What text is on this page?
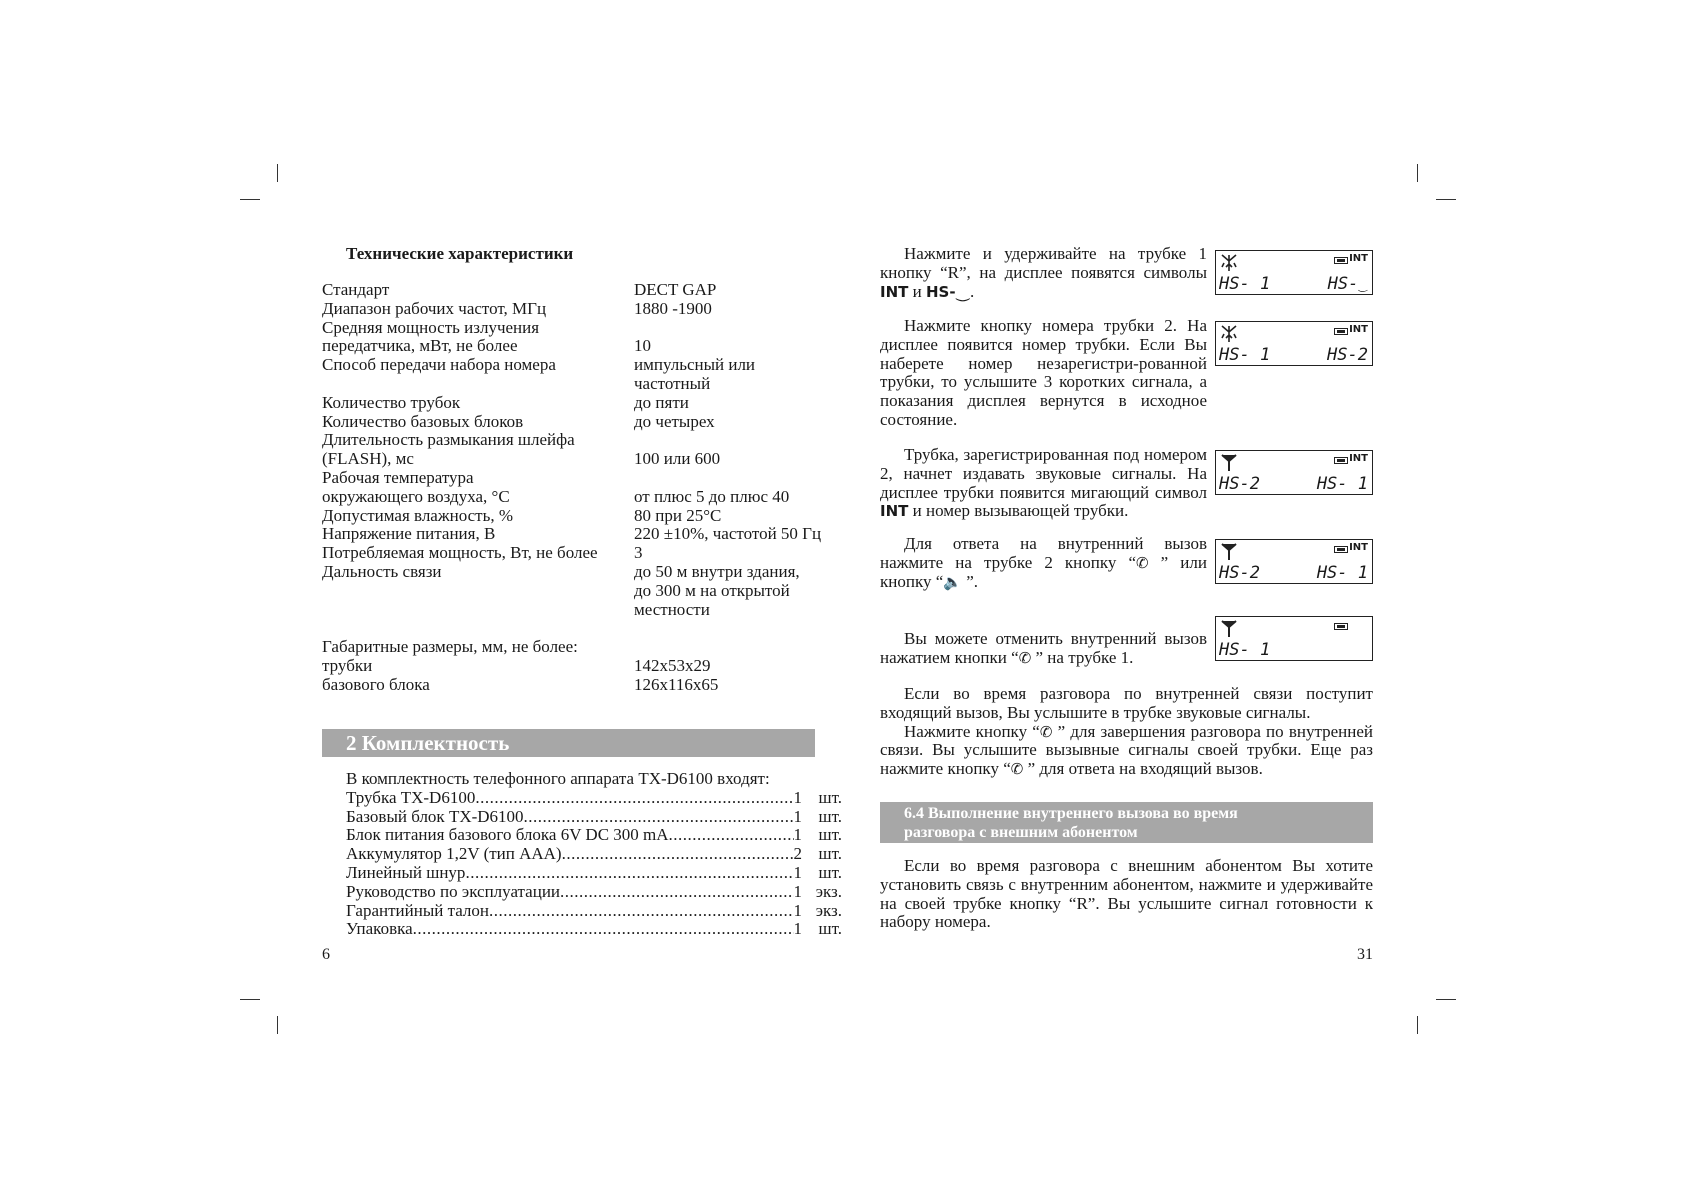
Технические характеристики
Стандарт	DECT GAP
Диапазон рабочих частот, МГц	1880 -1900
Средняя мощность излучения
передатчика, мВт, не более	10
Способ передачи набора номера	импульсный или

частотный
Количество трубок	до пяти
Количество базовых блоков	до четырех
Длительность размыкания шлейфа
(FLASH), мс	100 или 600
Рабочая температура
окружающего воздуха, °С	от плюс 5 до плюс 40
Допустимая влажность, %	80 при 25°С
Напряжение питания, В	220 ±10%, частотой 50 Гц
Потребляемая мощность, Вт, не более	3
Дальность связи	до 50 м внутри здания,

до 300 м на открытой

местности

Габаритные размеры, мм, не более:
трубки	142x53x29
базового блока	126x116x65
2 Комплектность
В комплектность телефонного аппарата TX-D6100 входят:
Трубка TX-D6100 .....	1 шт.
Базовый блок TX-D6100 .....	1 шт.
Блок питания базового блока 6V DC 300 mA .....	1 шт.
Аккумулятор 1,2V (тип AAA) .....	2 шт.
Линейный шнур .....	1 шт.
Руководство по эксплуатации .....	1 экз.
Гарантийный талон .....	1 экз.
Упаковка .....	1 шт.
6

Нажмите и удерживайте на трубке 1 кнопку “R”, на дисплее появятся символы INT и HS-⏝.

Нажмите кнопку номера трубки 2. На дисплее появится номер трубки. Если Вы наберете номер незарегистри-рованной трубки, то услышите 3 коротких сигнала, а показания дисплея вернутся в исходное состояние.

Трубка, зарегистрированная под номером 2, начнет издавать звуковые сигналы. На дисплее трубки появится мигающий символ INT и номер вызывающей трубки.

Для ответа на внутренний вызов нажмите на трубке 2 кнопку “✆ ” или кнопку “🔈 ”.

Вы можете отменить внутренний вызов нажатием кнопки “✆ ” на трубке 1.

Если во время разговора по внутренней связи поступит входящий вызов, Вы услышите в трубке звуковые сигналы.

Нажмите кнопку “✆ ” для завершения разговора по внутренней связи. Вы услышите вызывные сигналы своей трубки. Еще раз нажмите кнопку “✆ ” для ответа на входящий вызов.

INT
HS- 1	HS-⏝
INT
HS- 1	HS-2
INT
HS-2	HS- 1
INT
HS-2	HS- 1
HS- 1
6.4 Выполнение внутреннего вызова во время
разговора с внешним абонентом

Если во время разговора с внешним абонентом Вы хотите установить связь с внутренним абонентом, нажмите и удерживайте на своей трубке кнопку “R”. Вы услышите сигнал готовности к набору номера.

31
